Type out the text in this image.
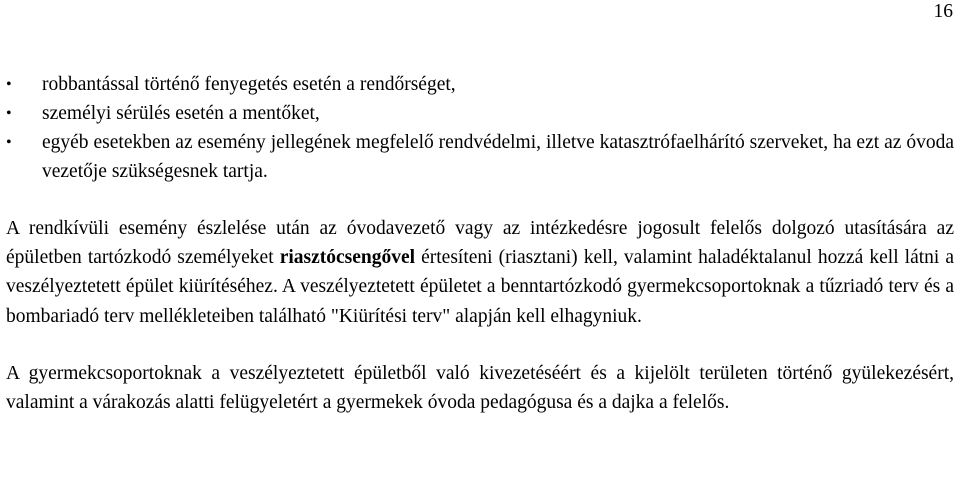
16
• robbantással történő fenyegetés esetén a rendőrséget,
• személyi sérülés esetén a mentőket,
• egyéb esetekben az esemény jellegének megfelelő rendvédelmi, illetve katasztrófaelhárító szerveket, ha ezt az óvoda vezetője szükségesnek tartja.

A rendkívüli esemény észlelése után az óvodavezető vagy az intézkedésre jogosult felelős dolgozó utasítására az épületben tartózkodó személyeket riasztócsengővel értesíteni (riasztani) kell, valamint haladéktalanul hozzá kell látni a veszélyeztetett épület kiürítéséhez. A veszélyeztetett épületet a benntartózkodó gyermekcsoportoknak a tűzriadó terv és a bombariadó terv mellékleteiben található "Kiürítési terv" alapján kell elhagyniuk.

A gyermekcsoportoknak a veszélyeztetett épületből való kivezetéséért és a kijelölt területen történő gyülekezésért, valamint a várakozás alatti felügyeletért a gyermekek óvoda pedagógusa és a dajka a felelős.
